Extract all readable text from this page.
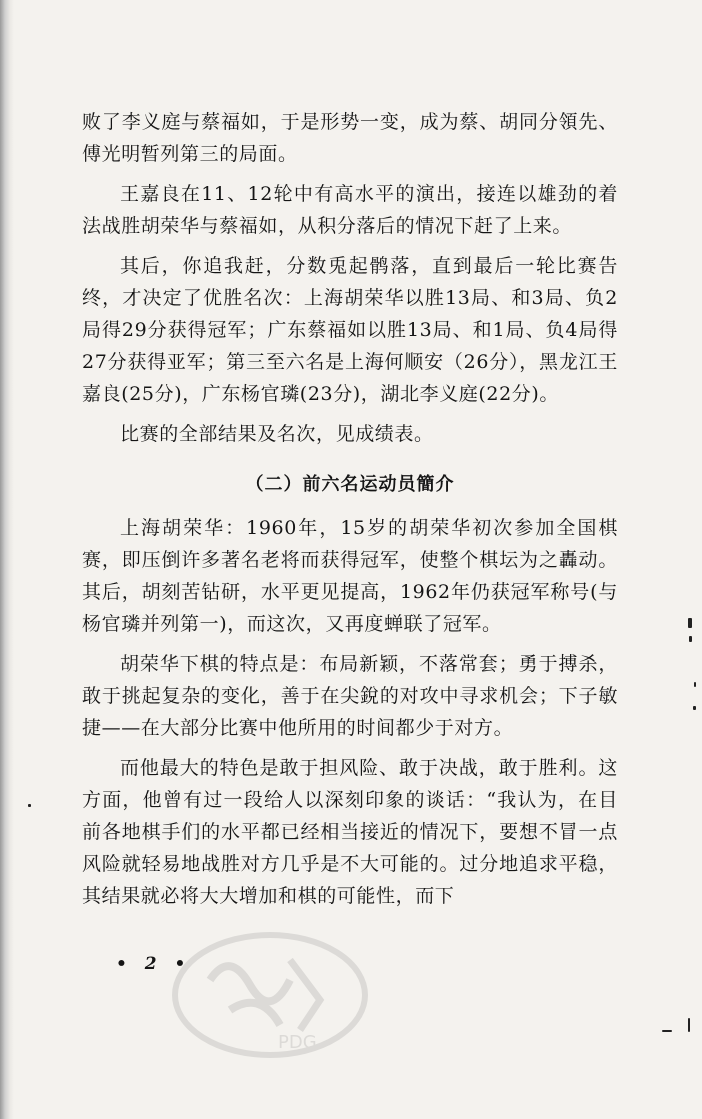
败了李义庭与蔡福如，于是形势一变，成为蔡、胡同分領先、傅光明暂列第三的局面。

王嘉良在11、12轮中有高水平的演出，接连以雄劲的着法战胜胡荣华与蔡福如，从积分落后的情况下赶了上来。

其后，你追我赶，分数兎起鹘落，直到最后一轮比赛告终，才决定了优胜名次：上海胡荣华以胜13局、和3局、负2局得29分获得冠军；广东蔡福如以胜13局、和1局、负4局得27分获得亚军；第三至六名是上海何顺安（26分），黑龙江王嘉良(25分)，广东杨官璘(23分)，湖北李义庭(22分)。

比赛的全部结果及名次，见成绩表。

（二）前六名运动员簡介

上海胡荣华：1960年，15岁的胡荣华初次参加全国棋赛，即压倒许多著名老将而获得冠军，使整个棋坛为之轟动。其后，胡刻苦钻研，水平更见提高，1962年仍获冠军称号(与杨官璘并列第一)，而这次，又再度蝉联了冠军。

胡荣华下棋的特点是：布局新颖，不落常套；勇于搏杀，敢于挑起复杂的变化，善于在尖銳的对攻中寻求机会；下子敏捷——在大部分比赛中他所用的时间都少于对方。

而他最大的特色是敢于担风险、敢于决战，敢于胜利。这方面，他曾有过一段给人以深刻印象的谈话：“我认为，在目前各地棋手们的水平都已经相当接近的情况下，要想不冒一点风险就轻易地战胜对方几乎是不大可能的。过分地追求平稳，其结果就必将大大增加和棋的可能性，而下

• 2 •
PDG
